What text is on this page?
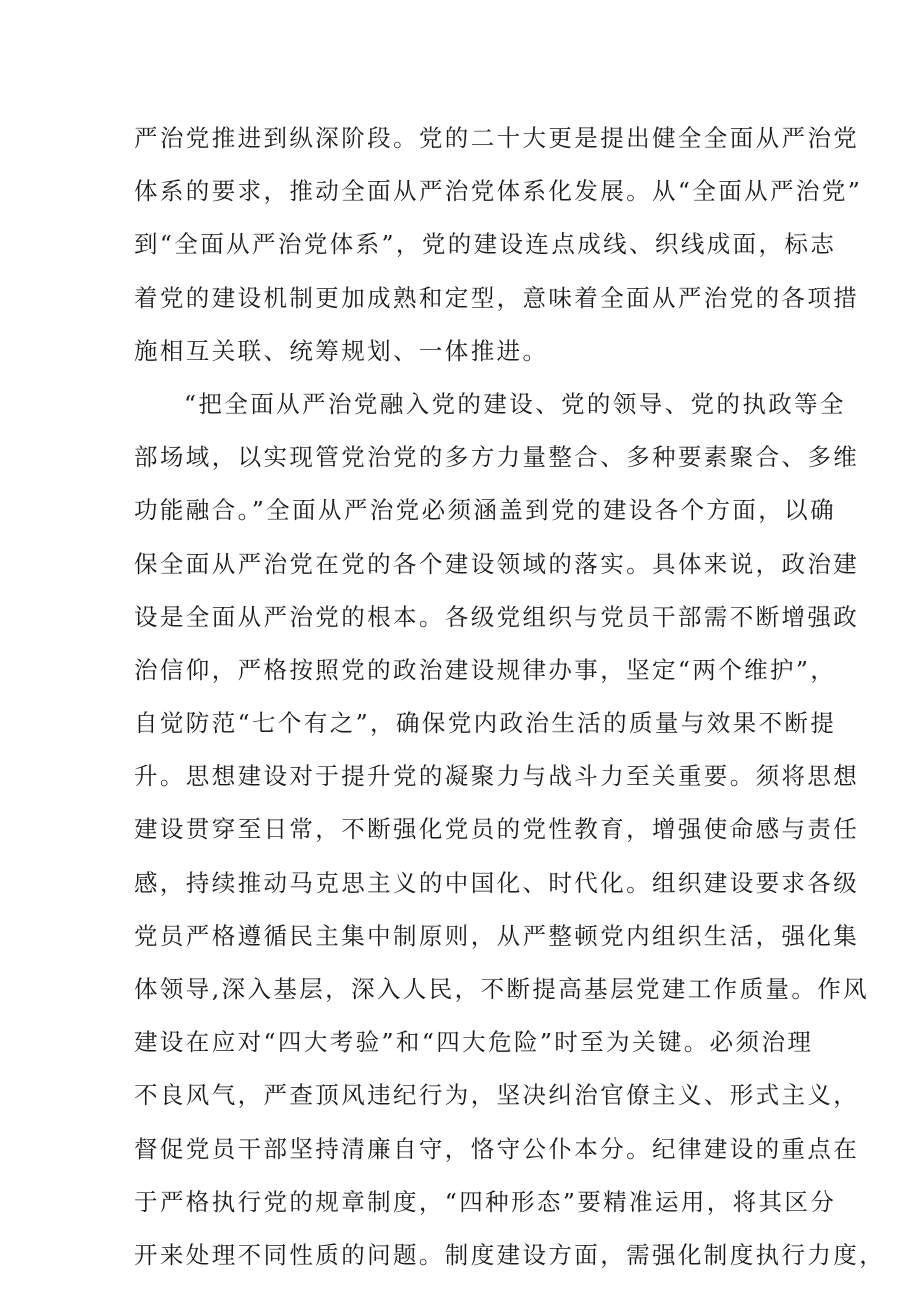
严治党推进到纵深阶段。党的二十大更是提出健全全面从严治党

体系的要求，推动全面从严治党体系化发展。从“全面从严治党”

到“全面从严治党体系”，党的建设连点成线、织线成面，标志

着党的建设机制更加成熟和定型，意味着全面从严治党的各项措

施相互关联、统筹规划、一体推进。

“把全面从严治党融入党的建设、党的领导、党的执政等全

部场域，以实现管党治党的多方力量整合、多种要素聚合、多维

功能融合。”全面从严治党必须涵盖到党的建设各个方面，以确

保全面从严治党在党的各个建设领域的落实。具体来说，政治建

设是全面从严治党的根本。各级党组织与党员干部需不断增强政

治信仰，严格按照党的政治建设规律办事，坚定“两个维护”，

自觉防范“七个有之”，确保党内政治生活的质量与效果不断提

升。思想建设对于提升党的凝聚力与战斗力至关重要。须将思想

建设贯穿至日常，不断强化党员的党性教育，增强使命感与责任

感，持续推动马克思主义的中国化、时代化。组织建设要求各级

党员严格遵循民主集中制原则，从严整顿党内组织生活，强化集

体领导,深入基层，深入人民，不断提高基层党建工作质量。作风

建设在应对“四大考验”和“四大危险”时至为关键。必须治理

不良风气，严查顶风违纪行为，坚决纠治官僚主义、形式主义，

督促党员干部坚持清廉自守，恪守公仆本分。纪律建设的重点在

于严格执行党的规章制度，“四种形态”要精准运用，将其区分

开来处理不同性质的问题。制度建设方面，需强化制度执行力度，
